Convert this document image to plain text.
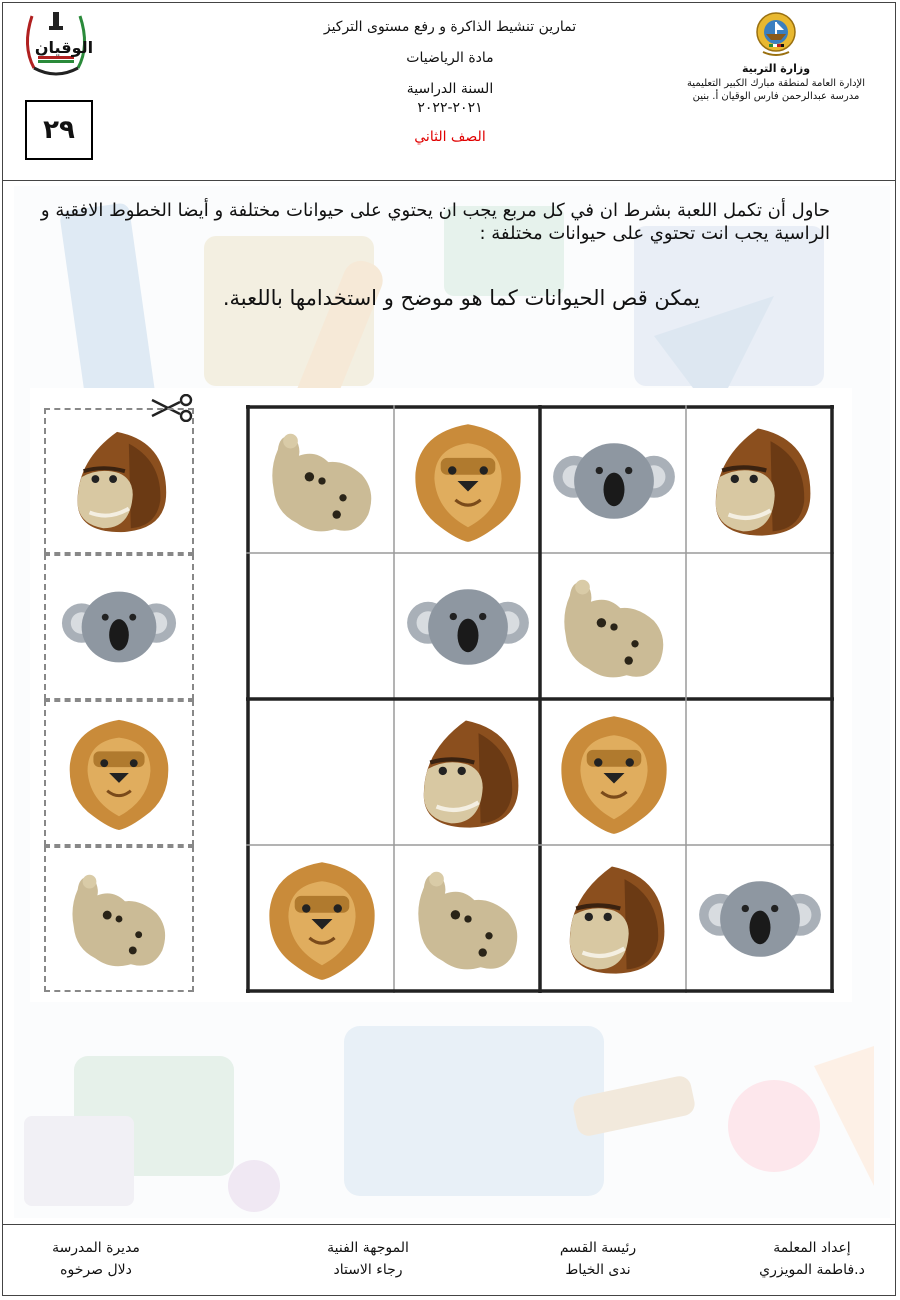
الوقيان
٢٩
تمارين تنشيط الذاكرة و رفع مستوى التركيز
مادة الرياضيات
السنة الدراسية
٢٠٢١-٢٠٢٢
الصف الثاني
وزارة التربية
الإدارة العامة لمنطقة مبارك الكبير التعليمية
مدرسة عبدالرحمن فارس الوقيان أ. بنين
حاول أن تكمل اللعبة بشرط ان في كل مربع يجب ان يحتوي على حيوانات مختلفة و أيضا الخطوط الافقية و الراسية يجب انت تحتوي على حيوانات مختلفة :
يمكن قص الحيوانات كما هو موضح و استخدامها باللعبة.
إعداد المعلمة
د.فاطمة المويزري
رئيسة القسم
ندى الخياط
الموجهة الفنية
رجاء الاستاد
مديرة المدرسة
دلال صرخوه
